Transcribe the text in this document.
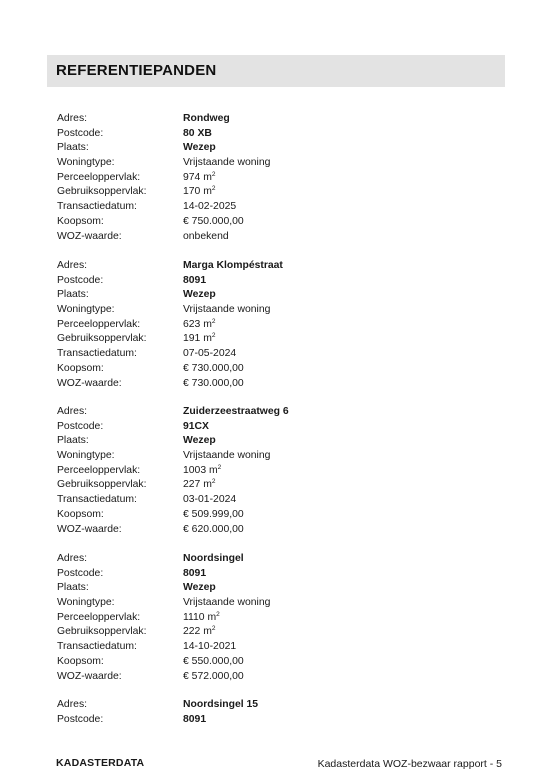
REFERENTIEPANDEN
Adres:	Rondweg
Postcode:	80 XB
Plaats:	Wezep
Woningtype:	Vrijstaande woning
Perceeloppervlak:	974 $m^2$
Gebruiksoppervlak:	170 $m^2$
Transactiedatum:	14-02-2025
Koopsom:	€ 750.000,00
WOZ-waarde:	onbekend
Adres:	Marga Klompéstraat
Postcode:	8091
Plaats:	Wezep
Woningtype:	Vrijstaande woning
Perceeloppervlak:	623 $m^2$
Gebruiksoppervlak:	191 $m^2$
Transactiedatum:	07-05-2024
Koopsom:	€ 730.000,00
WOZ-waarde:	€ 730.000,00
Adres:	Zuiderzeestraatweg 6
Postcode:	91CX
Plaats:	Wezep
Woningtype:	Vrijstaande woning
Perceeloppervlak:	1003 $m^2$
Gebruiksoppervlak:	227 $m^2$
Transactiedatum:	03-01-2024
Koopsom:	€ 509.999,00
WOZ-waarde:	€ 620.000,00
Adres:	Noordsingel
Postcode:	8091
Plaats:	Wezep
Woningtype:	Vrijstaande woning
Perceeloppervlak:	1110 $m^2$
Gebruiksoppervlak:	222 $m^2$
Transactiedatum:	14-10-2021
Koopsom:	€ 550.000,00
WOZ-waarde:	€ 572.000,00
Adres:	Noordsingel 15
Postcode:	8091
KADASTERDATA	Kadasterdata WOZ-bezwaar rapport - 5
